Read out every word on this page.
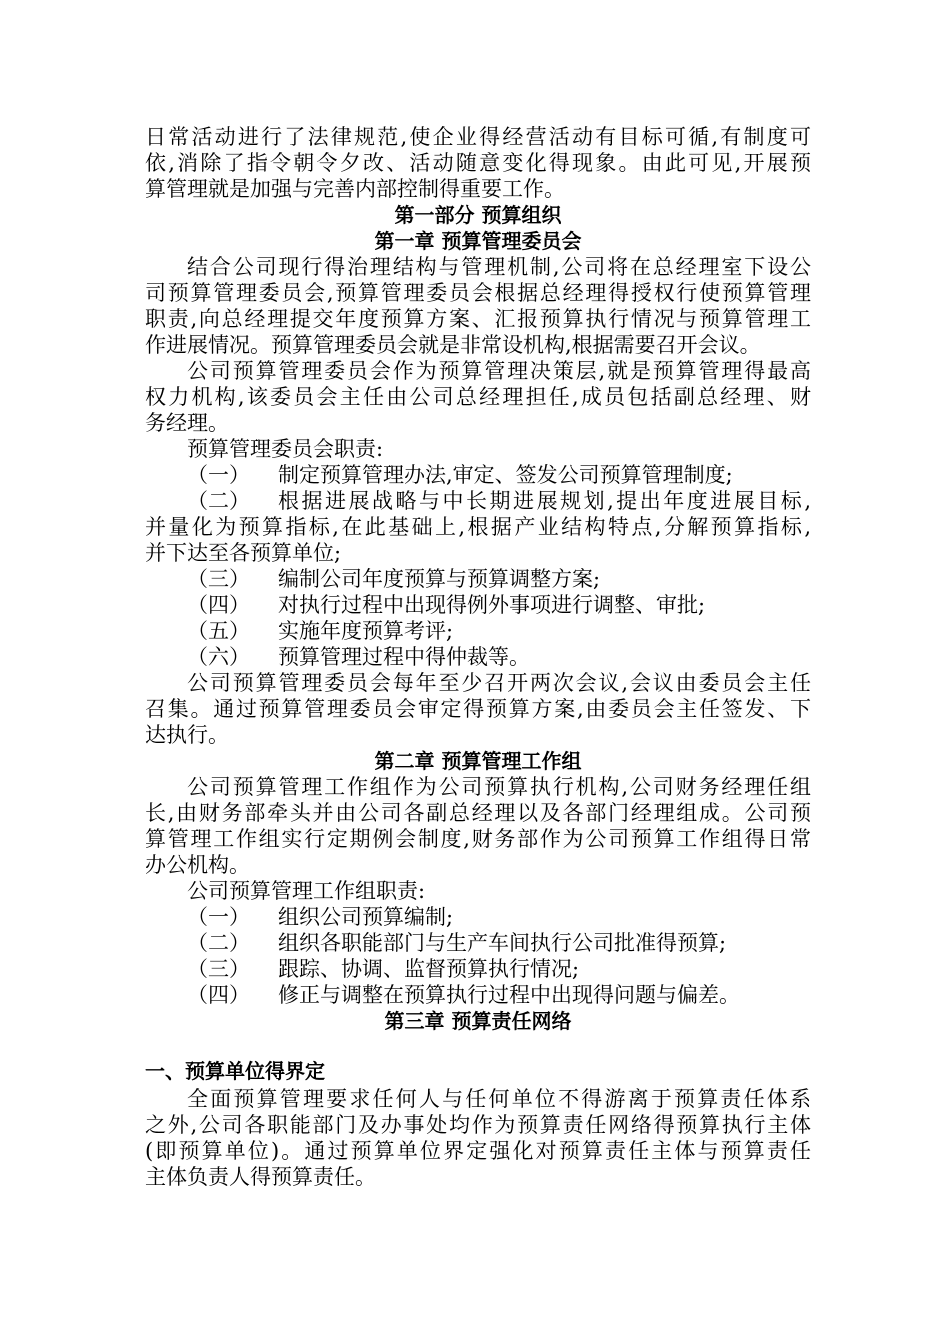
日常活动进行了法律规范,使企业得经营活动有目标可循,有制度可
依,消除了指令朝令夕改、活动随意变化得现象。由此可见,开展预
算管理就是加强与完善内部控制得重要工作。
第一部分 预算组织
第一章 预算管理委员会
结合公司现行得治理结构与管理机制,公司将在总经理室下设公
司预算管理委员会,预算管理委员会根据总经理得授权行使预算管理
职责,向总经理提交年度预算方案、汇报预算执行情况与预算管理工
作进展情况。预算管理委员会就是非常设机构,根据需要召开会议。
公司预算管理委员会作为预算管理决策层,就是预算管理得最高
权力机构,该委员会主任由公司总经理担任,成员包括副总经理、财
务经理。
预算管理委员会职责:
（一） 制定预算管理办法,审定、签发公司预算管理制度;
（二） 根据进展战略与中长期进展规划,提出年度进展目标,
并量化为预算指标,在此基础上,根据产业结构特点,分解预算指标,
并下达至各预算单位;
（三） 编制公司年度预算与预算调整方案;
（四） 对执行过程中出现得例外事项进行调整、审批;
（五） 实施年度预算考评;
（六） 预算管理过程中得仲裁等。
公司预算管理委员会每年至少召开两次会议,会议由委员会主任
召集。通过预算管理委员会审定得预算方案,由委员会主任签发、下
达执行。
第二章 预算管理工作组
公司预算管理工作组作为公司预算执行机构,公司财务经理任组
长,由财务部牵头并由公司各副总经理以及各部门经理组成。公司预
算管理工作组实行定期例会制度,财务部作为公司预算工作组得日常
办公机构。
公司预算管理工作组职责:
（一） 组织公司预算编制;
（二） 组织各职能部门与生产车间执行公司批准得预算;
（三） 跟踪、协调、监督预算执行情况;
（四） 修正与调整在预算执行过程中出现得问题与偏差。
第三章 预算责任网络
一、预算单位得界定
全面预算管理要求任何人与任何单位不得游离于预算责任体系
之外,公司各职能部门及办事处均作为预算责任网络得预算执行主体
(即预算单位)。通过预算单位界定强化对预算责任主体与预算责任
主体负责人得预算责任。
